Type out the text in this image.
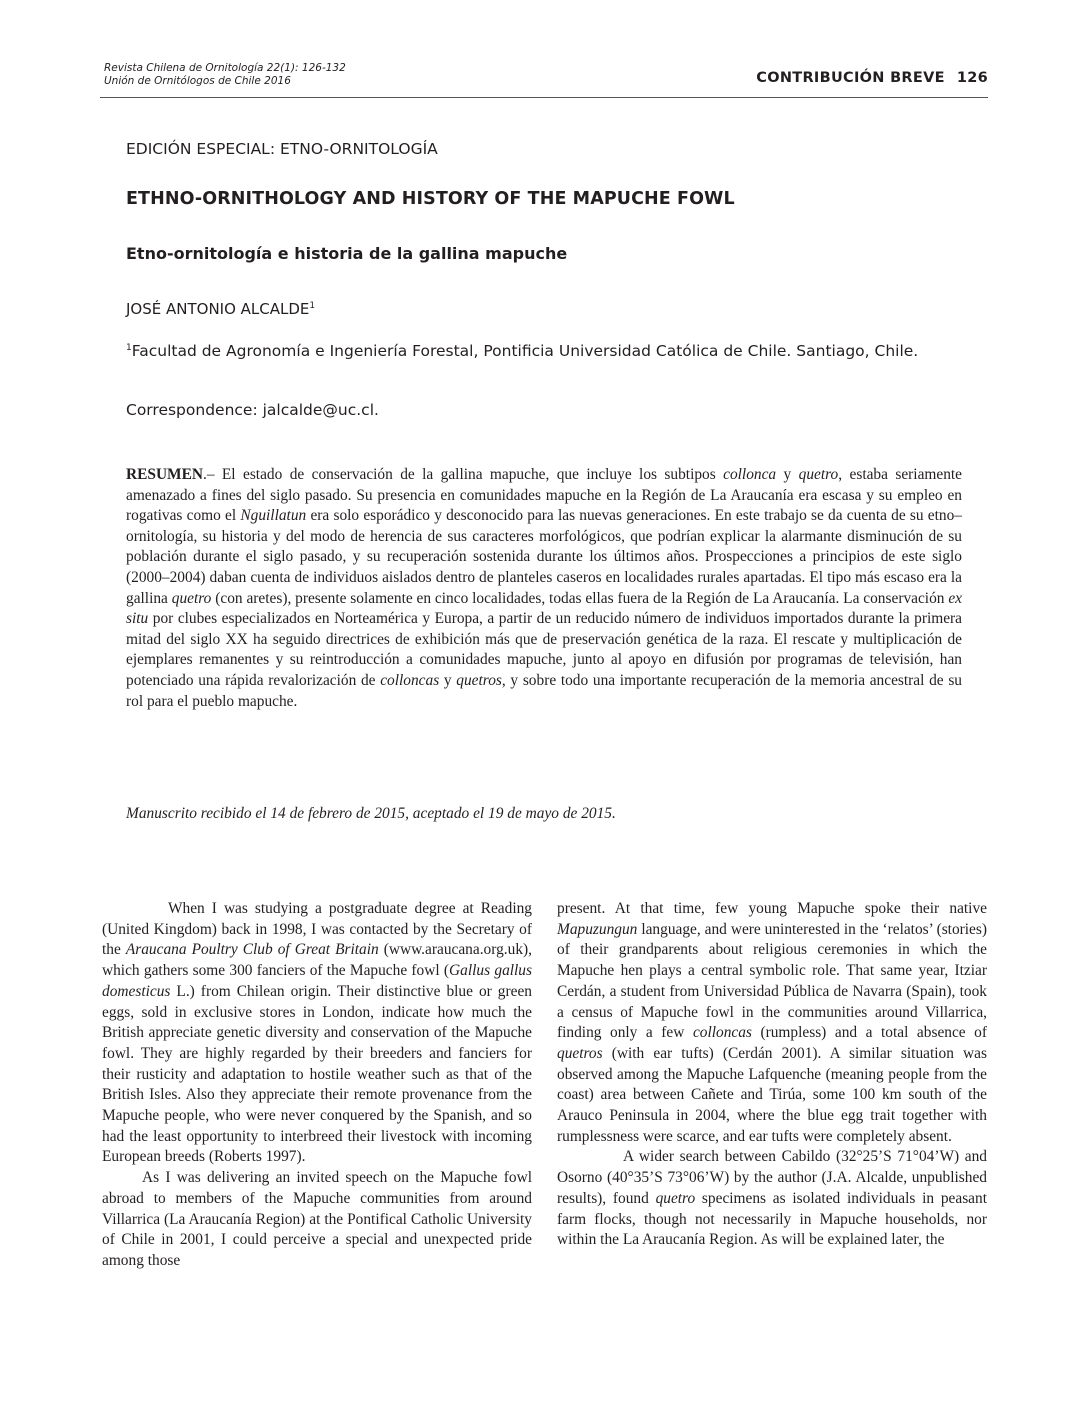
Revista Chilena de Ornitología 22(1): 126-132
Unión de Ornitólogos de Chile 2016	CONTRIBUCIÓN BREVE 126
EDICIÓN ESPECIAL: ETNO-ORNITOLOGÍA
ETHNO-ORNITHOLOGY AND HISTORY OF THE MAPUCHE FOWL
Etno-ornitología e historia de la gallina mapuche
JOSÉ ANTONIO ALCALDE$^1$
$^1$Facultad de Agronomía e Ingeniería Forestal, Pontificia Universidad Católica de Chile. Santiago, Chile.
Correspondence: jalcalde@uc.cl.
RESUMEN.– El estado de conservación de la gallina mapuche, que incluye los subtipos collonca y quetro, estaba seriamente amenazado a fines del siglo pasado. Su presencia en comunidades mapuche en la Región de La Araucanía era escasa y su empleo en rogativas como el Nguillatun era solo esporádico y desconocido para las nuevas generaciones. En este trabajo se da cuenta de su etno–ornitología, su historia y del modo de herencia de sus caracteres morfológicos, que podrían explicar la alarmante disminución de su población durante el siglo pasado, y su recuperación sostenida durante los últimos años. Prospecciones a principios de este siglo (2000–2004) daban cuenta de individuos aislados dentro de planteles caseros en localidades rurales apartadas. El tipo más escaso era la gallina quetro (con aretes), presente solamente en cinco localidades, todas ellas fuera de la Región de La Araucanía. La conservación ex situ por clubes especializados en Norteamérica y Europa, a partir de un reducido número de individuos importados durante la primera mitad del siglo XX ha seguido directrices de exhibición más que de preservación genética de la raza. El rescate y multiplicación de ejemplares remanentes y su reintroducción a comunidades mapuche, junto al apoyo en difusión por programas de televisión, han potenciado una rápida revalorización de colloncas y quetros, y sobre todo una importante recuperación de la memoria ancestral de su rol para el pueblo mapuche.
Manuscrito recibido el 14 de febrero de 2015, aceptado el 19 de mayo de 2015.

When I was studying a postgraduate degree at Reading (United Kingdom) back in 1998, I was contacted by the Secretary of the Araucana Poultry Club of Great Britain (www.araucana.org.uk), which gathers some 300 fanciers of the Mapuche fowl (Gallus gallus domesticus L.) from Chilean origin. Their distinctive blue or green eggs, sold in exclusive stores in London, indicate how much the British appreciate genetic diversity and conservation of the Mapuche fowl. They are highly regarded by their breeders and fanciers for their rusticity and adaptation to hostile weather such as that of the British Isles. Also they appreciate their remote provenance from the Mapuche people, who were never conquered by the Spanish, and so had the least opportunity to interbreed their livestock with incoming European breeds (Roberts 1997).

As I was delivering an invited speech on the Mapuche fowl abroad to members of the Mapuche communities from around Villarrica (La Araucanía Region) at the Pontifical Catholic University of Chile in 2001, I could perceive a special and unexpected pride among those

present. At that time, few young Mapuche spoke their native Mapuzungun language, and were uninterested in the ‘relatos’ (stories) of their grandparents about religious ceremonies in which the Mapuche hen plays a central symbolic role. That same year, Itziar Cerdán, a student from Universidad Pública de Navarra (Spain), took a census of Mapuche fowl in the communities around Villarrica, finding only a few colloncas (rumpless) and a total absence of quetros (with ear tufts) (Cerdán 2001). A similar situation was observed among the Mapuche Lafquenche (meaning people from the coast) area between Cañete and Tirúa, some 100 km south of the Arauco Peninsula in 2004, where the blue egg trait together with rumplessness were scarce, and ear tufts were completely absent.

A wider search between Cabildo (32°25’S 71°04’W) and Osorno (40°35’S 73°06’W) by the author (J.A. Alcalde, unpublished results), found quetro specimens as isolated individuals in peasant farm flocks, though not necessarily in Mapuche households, nor within the La Araucanía Region. As will be explained later, the
